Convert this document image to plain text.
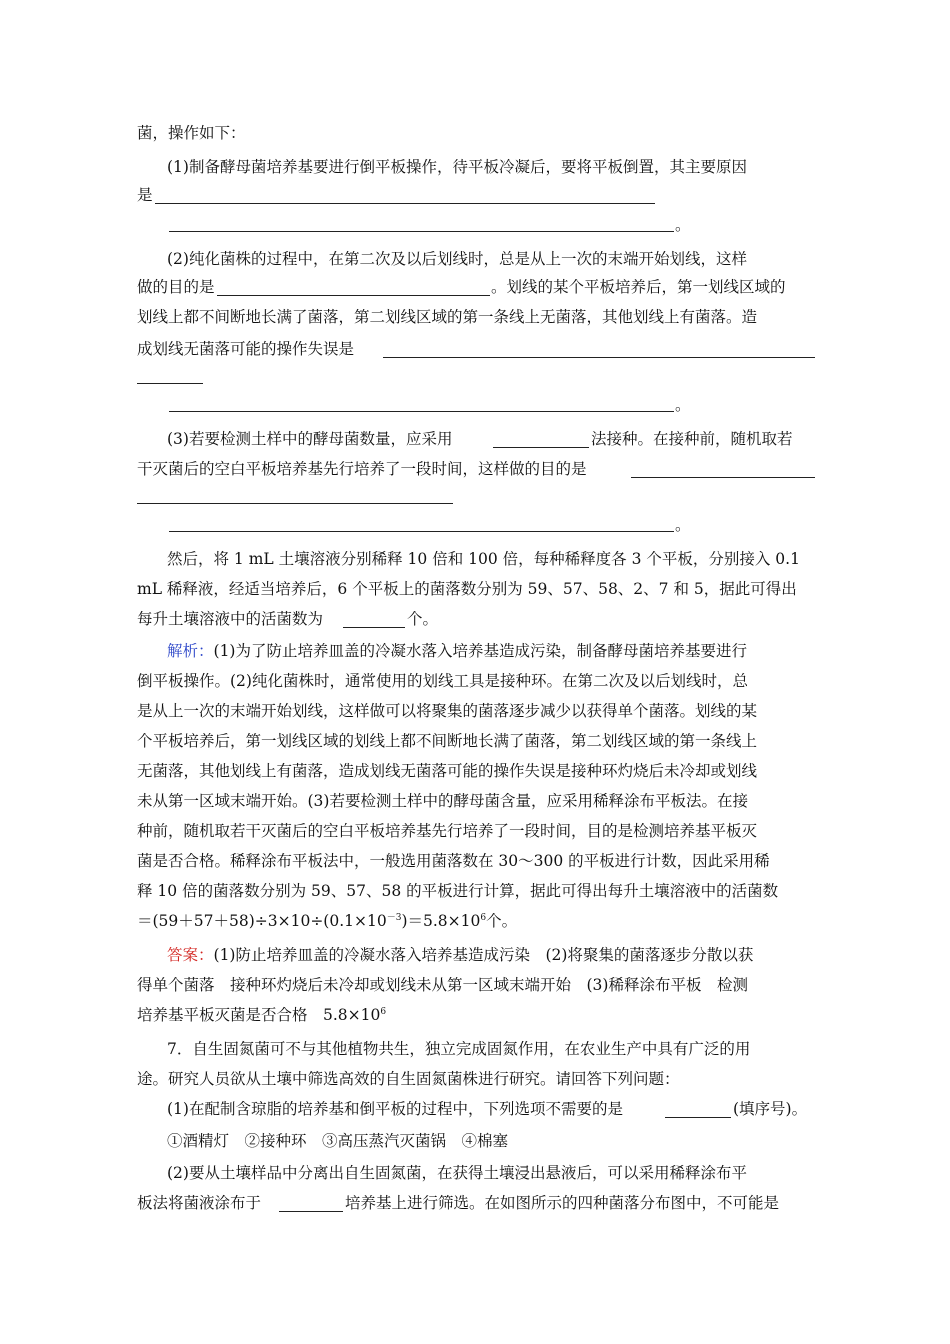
菌，操作如下：
(1)制备酵母菌培养基要进行倒平板操作，待平板冷凝后，要将平板倒置，其主要原因
是
。
(2)纯化菌株的过程中，在第二次及以后划线时，总是从上一次的末端开始划线，这样
做的目的是	。划线的某个平板培养后，第一划线区域的
划线上都不间断地长满了菌落，第二划线区域的第一条线上无菌落，其他划线上有菌落。造
成划线无菌落可能的操作失误是
。
(3)若要检测土样中的酵母菌数量，应采用	法接种。在接种前，随机取若
干灭菌后的空白平板培养基先行培养了一段时间，这样做的目的是
。
然后，将 1 mL 土壤溶液分别稀释 10 倍和 100 倍，每种稀释度各 3 个平板，分别接入 0.1
mL 稀释液，经适当培养后，6 个平板上的菌落数分别为 59、57、58、2、7 和 5，据此可得出
每升土壤溶液中的活菌数为	个。
解析：(1)为了防止培养皿盖的冷凝水落入培养基造成污染，制备酵母菌培养基要进行
倒平板操作。(2)纯化菌株时，通常使用的划线工具是接种环。在第二次及以后划线时，总
是从上一次的末端开始划线，这样做可以将聚集的菌落逐步减少以获得单个菌落。划线的某
个平板培养后，第一划线区域的划线上都不间断地长满了菌落，第二划线区域的第一条线上
无菌落，其他划线上有菌落，造成划线无菌落可能的操作失误是接种环灼烧后未冷却或划线
未从第一区域末端开始。(3)若要检测土样中的酵母菌含量，应采用稀释涂布平板法。在接
种前，随机取若干灭菌后的空白平板培养基先行培养了一段时间，目的是检测培养基平板灭
菌是否合格。稀释涂布平板法中，一般选用菌落数在 30～300 的平板进行计数，因此采用稀
释 10 倍的菌落数分别为 59、57、58 的平板进行计算，据此可得出每升土壤溶液中的活菌数
$=(59+57+58)\div 3\times 10\div(0.1\times 10^{-3})=5.8\times 10^6$个。
答案：(1)防止培养皿盖的冷凝水落入培养基造成污染　(2)将聚集的菌落逐步分散以获
得单个菌落　接种环灼烧后未冷却或划线未从第一区域末端开始　(3)稀释涂布平板　检测
培养基平板灭菌是否合格　$5.8\times 10^6$
7．自生固氮菌可不与其他植物共生，独立完成固氮作用，在农业生产中具有广泛的用
途。研究人员欲从土壤中筛选高效的自生固氮菌株进行研究。请回答下列问题：
(1)在配制含琼脂的培养基和倒平板的过程中，下列选项不需要的是	(填序号)。
①酒精灯　②接种环　③高压蒸汽灭菌锅　④棉塞
(2)要从土壤样品中分离出自生固氮菌，在获得土壤浸出悬液后，可以采用稀释涂布平
板法将菌液涂布于	培养基上进行筛选。在如图所示的四种菌落分布图中，不可能是
